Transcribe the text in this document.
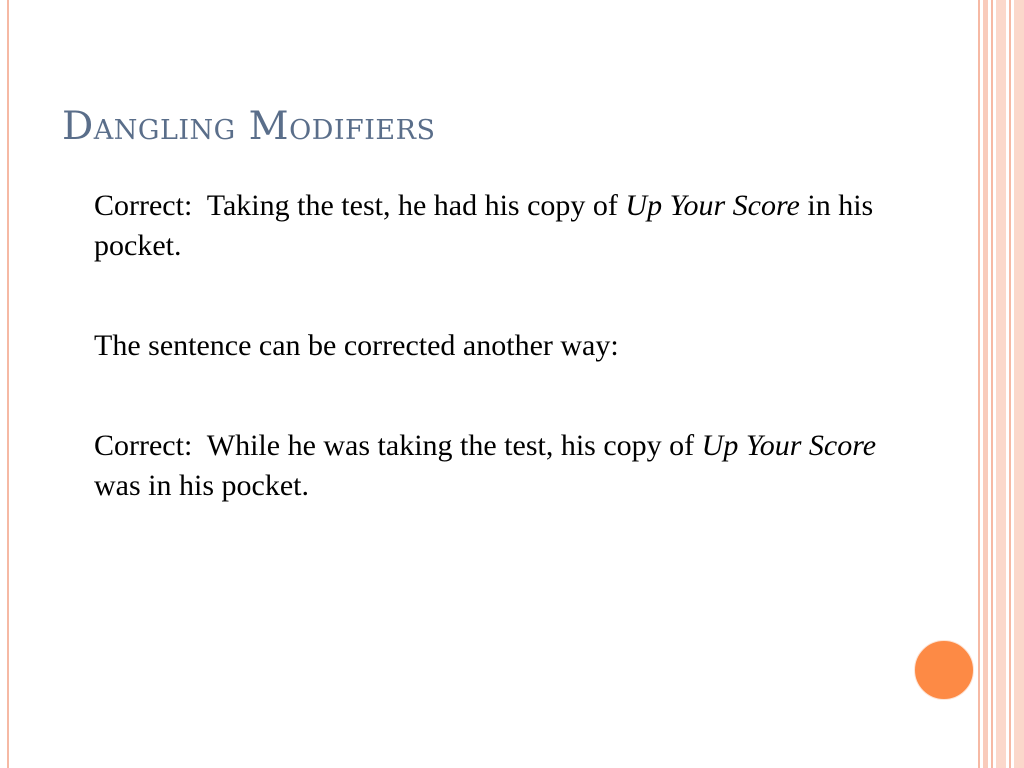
Dangling Modifiers

Correct: Taking the test, he had his copy of Up Your Score in his pocket.

The sentence can be corrected another way:

Correct: While he was taking the test, his copy of Up Your Score was in his pocket.
